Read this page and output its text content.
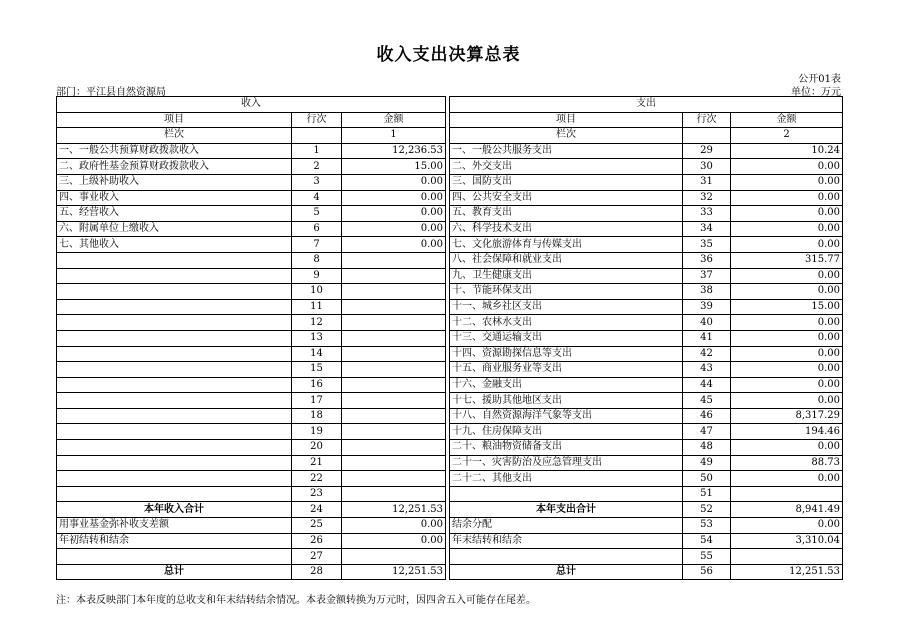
收入支出决算总表
公开01表
部门：平江县自然资源局	单位：万元
收入				支出		
项目	行次	金额		项目	行次	金额
栏次		1		栏次		2
一、一般公共预算财政拨款收入	1	12,236.53		一、一般公共服务支出	29	10.24
二、政府性基金预算财政拨款收入	2	15.00		二、外交支出	30	0.00
三、上级补助收入	3	0.00		三、国防支出	31	0.00
四、事业收入	4	0.00		四、公共安全支出	32	0.00
五、经营收入	5	0.00		五、教育支出	33	0.00
六、附属单位上缴收入	6	0.00		六、科学技术支出	34	0.00
七、其他收入	7	0.00		七、文化旅游体育与传媒支出	35	0.00
	8			八、社会保障和就业支出	36	315.77
	9			九、卫生健康支出	37	0.00
	10			十、节能环保支出	38	0.00
	11			十一、城乡社区支出	39	15.00
	12			十二、农林水支出	40	0.00
	13			十三、交通运输支出	41	0.00
	14			十四、资源勘探信息等支出	42	0.00
	15			十五、商业服务业等支出	43	0.00
	16			十六、金融支出	44	0.00
	17			十七、援助其他地区支出	45	0.00
	18			十八、自然资源海洋气象等支出	46	8,317.29
	19			十九、住房保障支出	47	194.46
	20			二十、粮油物资储备支出	48	0.00
	21			二十一、灾害防治及应急管理支出	49	88.73
	22			二十二、其他支出	50	0.00
	23				51	
本年收入合计	24	12,251.53		本年支出合计	52	8,941.49
用事业基金弥补收支差额	25	0.00		结余分配	53	0.00
年初结转和结余	26	0.00		年末结转和结余	54	3,310.04
	27				55	
总计	28	12,251.53		总计	56	12,251.53
注：本表反映部门本年度的总收支和年末结转结余情况。本表金额转换为万元时，因四舍五入可能存在尾差。
